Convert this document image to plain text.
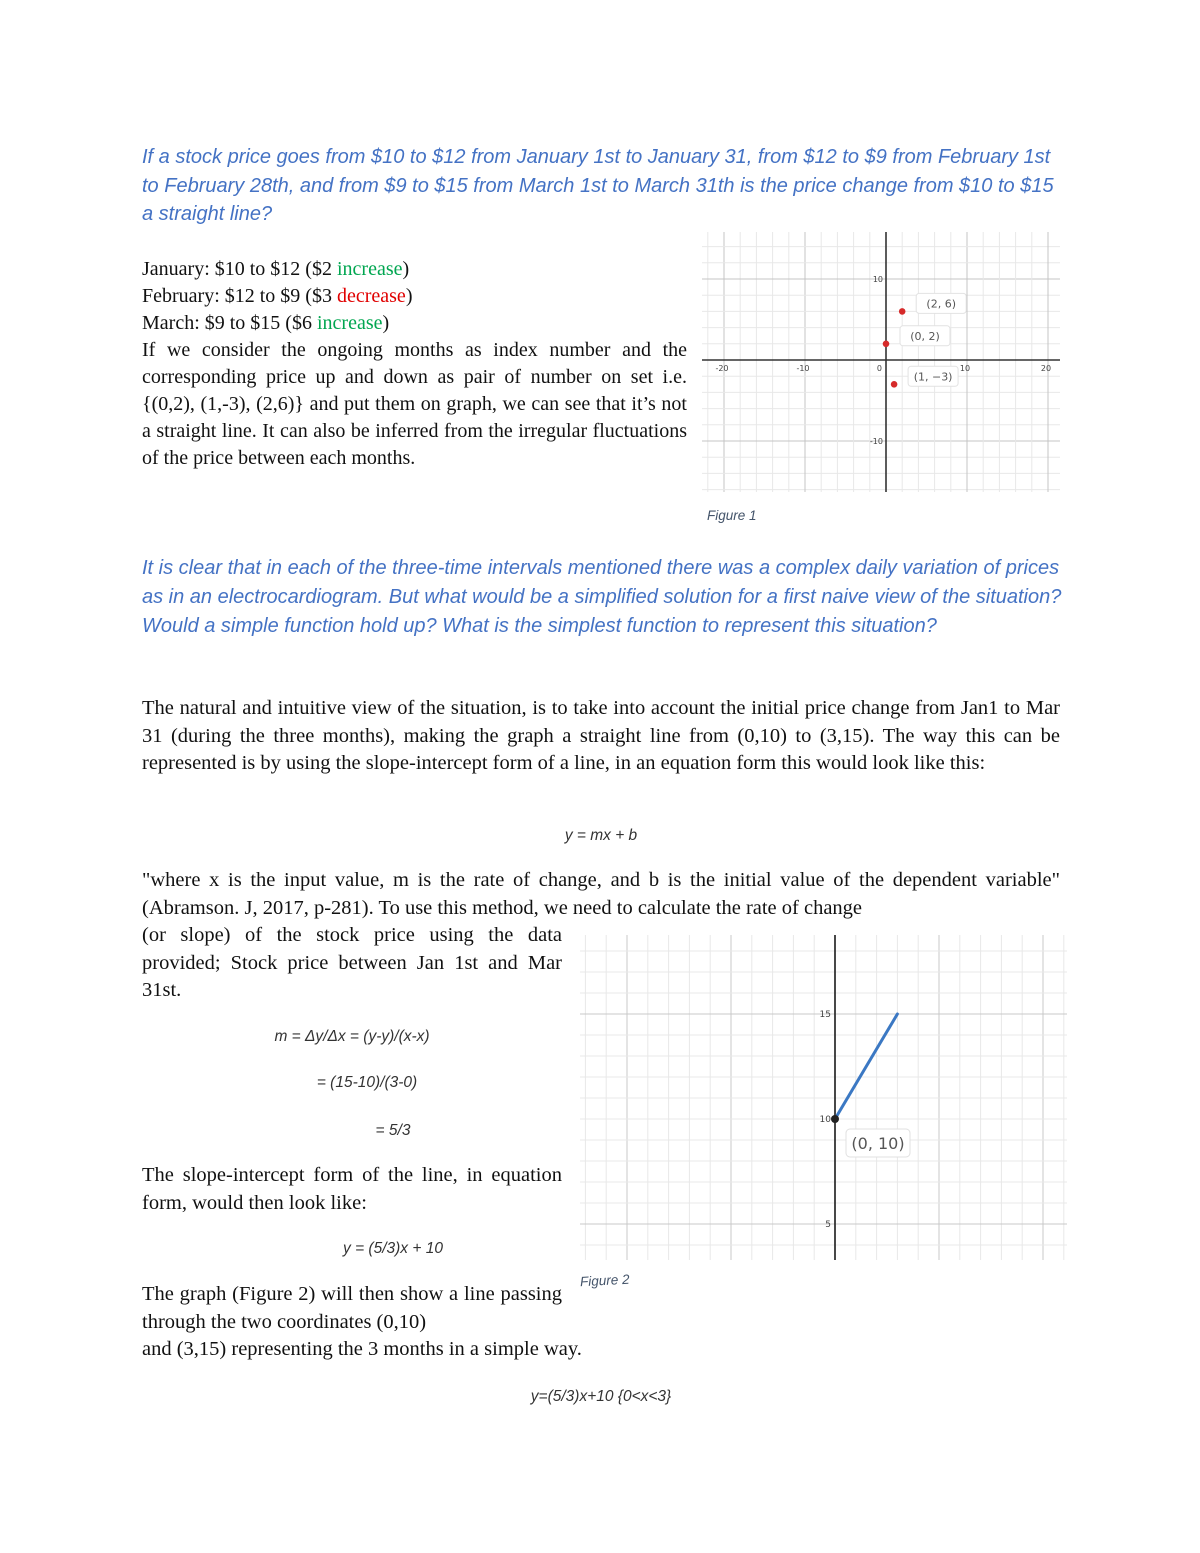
If a stock price goes from $10 to $12 from January 1st to January 31, from $12 to $9 from February 1st to February 28th, and from $9 to $15 from March 1st to March 31th is the price change from $10 to $15 a straight line?
January: $10 to $12 ($2 increase)
February: $12 to $9 ($3 decrease)
March: $9 to $15 ($6 increase)
If we consider the ongoing months as index number and the corresponding price up and down as pair of number on set i.e. {(0,2), (1,-3), (2,6)} and put them on graph, we can see that it’s not a straight line. It can also be inferred from the irregular fluctuations of the price between each months.
-20	-10	0	10	20
10
-10
(2, 6)
(0, 2)
(1, −3)
Figure 1
It is clear that in each of the three-time intervals mentioned there was a complex daily variation of prices as in an electrocardiogram. But what would be a simplified solution for a first naive view of the situation? Would a simple function hold up? What is the simplest function to represent this situation?
The natural and intuitive view of the situation, is to take into account the initial price change from Jan1 to Mar 31 (during the three months), making the graph a straight line from (0,10) to (3,15). The way this can be represented is by using the slope-intercept form of a line, in an equation form this would look like this:
y = mx + b
"where x is the input value, m is the rate of change, and b is the initial value of the dependent variable" (Abramson. J, 2017, p-281). To use this method, we need to calculate the rate of change
(or slope) of the stock price using the data provided; Stock price between Jan 1st and Mar 31st.
m = Δy/Δx = (y-y)/(x-x)
= (15-10)/(3-0)
= 5/3
The slope-intercept form of the line, in equation form, would then look like:
y = (5/3)x + 10
The graph (Figure 2) will then show a line passing through the two coordinates (0,10)
and (3,15) representing the 3 months in a simple way.
y=(5/3)x+10 {0<x<3}
15
10
5
(0, 10)
Figure 2
